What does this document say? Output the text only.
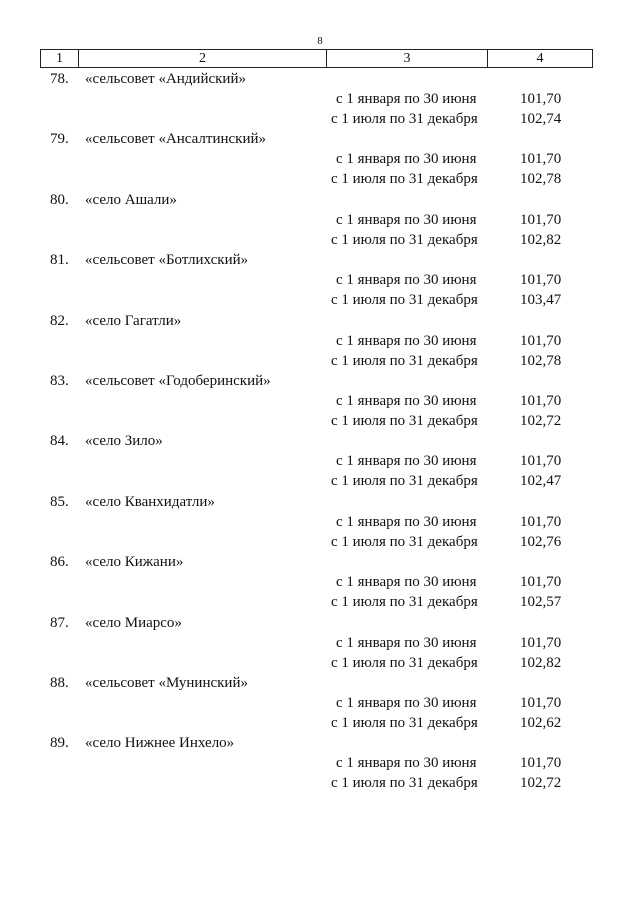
8
1	2	3	4
78. «сельсовет «Андийский»
с 1 января по 30 июня	101,70
с 1 июля по 31 декабря	102,74
79. «сельсовет «Ансалтинский»
с 1 января по 30 июня	101,70
с 1 июля по 31 декабря	102,78
80. «село Ашали»
с 1 января по 30 июня	101,70
с 1 июля по 31 декабря	102,82
81. «сельсовет «Ботлихский»
с 1 января по 30 июня	101,70
с 1 июля по 31 декабря	103,47
82. «село Гагатли»
с 1 января по 30 июня	101,70
с 1 июля по 31 декабря	102,78
83. «сельсовет «Годоберинский»
с 1 января по 30 июня	101,70
с 1 июля по 31 декабря	102,72
84. «село Зило»
с 1 января по 30 июня	101,70
с 1 июля по 31 декабря	102,47
85. «село Кванхидатли»
с 1 января по 30 июня	101,70
с 1 июля по 31 декабря	102,76
86. «село Кижани»
с 1 января по 30 июня	101,70
с 1 июля по 31 декабря	102,57
87. «село Миарсо»
с 1 января по 30 июня	101,70
с 1 июля по 31 декабря	102,82
88. «сельсовет «Мунинский»
с 1 января по 30 июня	101,70
с 1 июля по 31 декабря	102,62
89. «село Нижнее Инхело»
с 1 января по 30 июня	101,70
с 1 июля по 31 декабря	102,72
